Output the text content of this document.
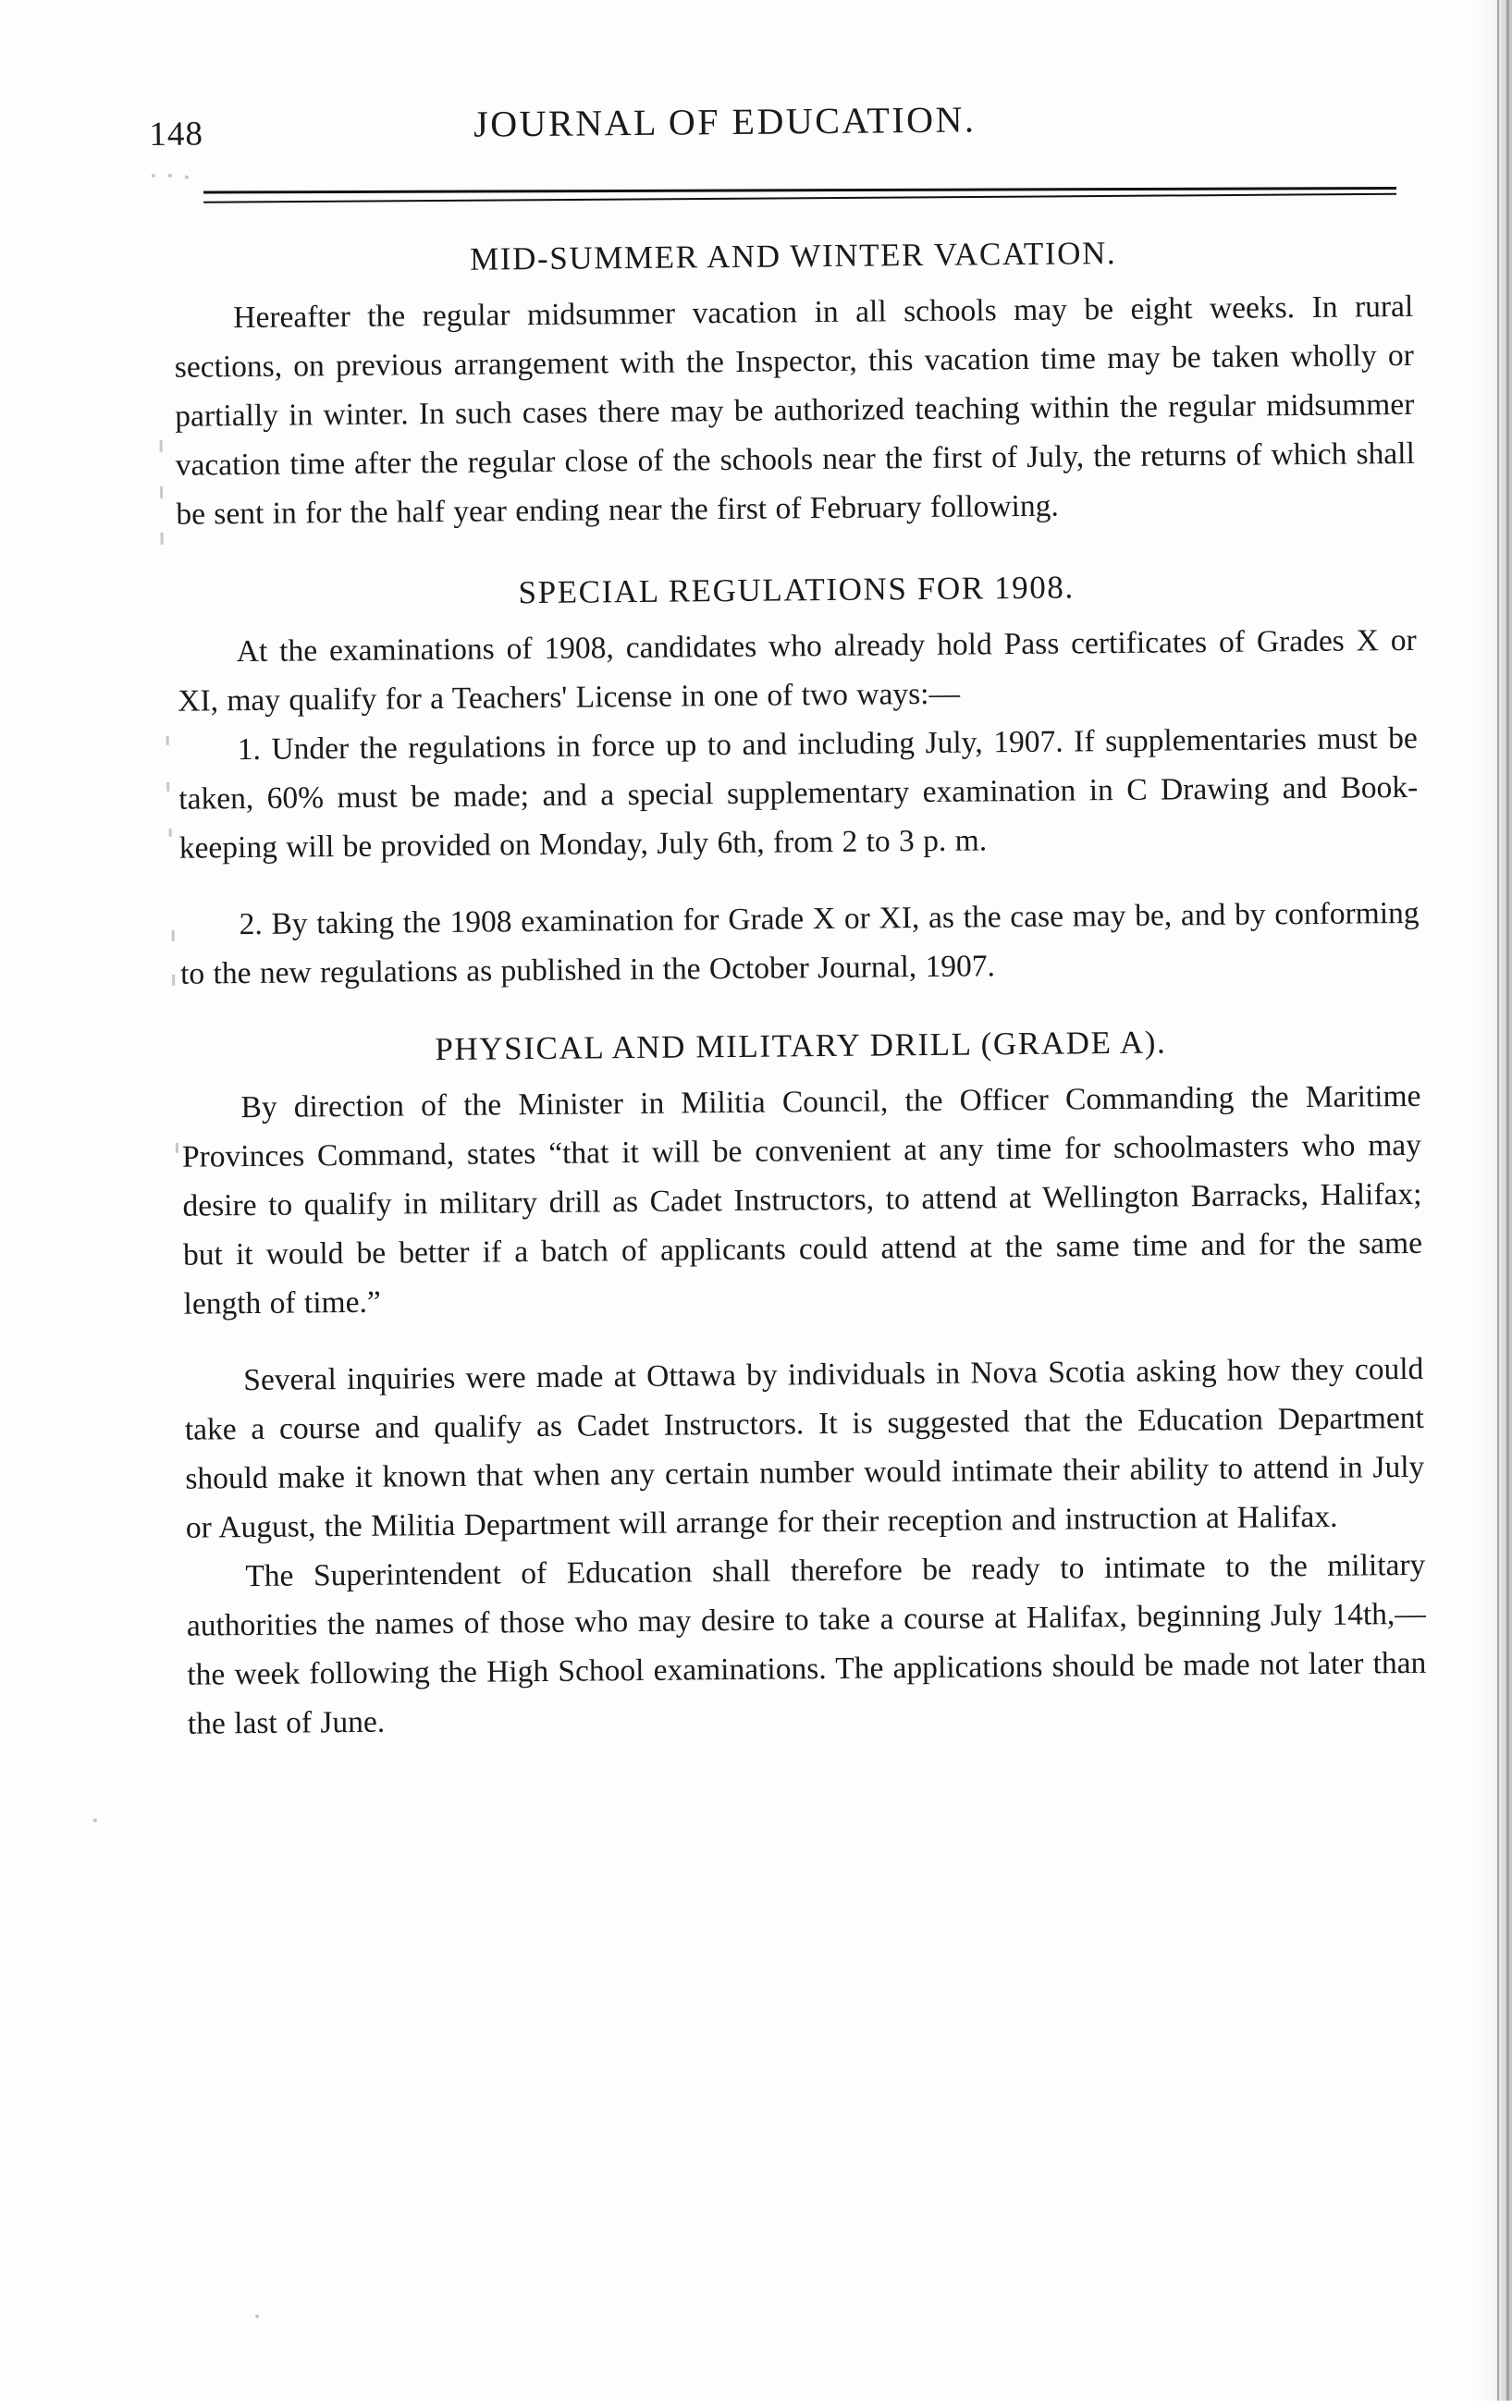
148	JOURNAL OF EDUCATION.
MID-SUMMER AND WINTER VACATION.

Hereafter the regular midsummer vacation in all schools may be eight weeks. In rural sections, on previous arrangement with the Inspector, this vacation time may be taken wholly or partially in winter. In such cases there may be authorized teaching within the regular midsummer vacation time after the regular close of the schools near the first of July, the returns of which shall be sent in for the half year ending near the first of February following.

SPECIAL REGULATIONS FOR 1908.

At the examinations of 1908, candidates who already hold Pass certificates of Grades X or XI, may qualify for a Teachers' License in one of two ways:—

1. Under the regulations in force up to and including July, 1907. If supplementaries must be taken, 60% must be made; and a special supplementary examination in C Drawing and Book-keeping will be provided on Monday, July 6th, from 2 to 3 p. m.

2. By taking the 1908 examination for Grade X or XI, as the case may be, and by conforming to the new regulations as published in the October Journal, 1907.

PHYSICAL AND MILITARY DRILL (GRADE A).

By direction of the Minister in Militia Council, the Officer Commanding the Maritime Provinces Command, states “that it will be convenient at any time for schoolmasters who may desire to qualify in military drill as Cadet Instructors, to attend at Wellington Barracks, Halifax; but it would be better if a batch of applicants could attend at the same time and for the same length of time.”

Several inquiries were made at Ottawa by individuals in Nova Scotia asking how they could take a course and qualify as Cadet Instructors. It is suggested that the Education Department should make it known that when any certain number would intimate their ability to attend in July or August, the Militia Department will arrange for their reception and instruction at Halifax.

The Superintendent of Education shall therefore be ready to intimate to the military authorities the names of those who may desire to take a course at Halifax, beginning July 14th,—the week following the High School examinations. The applications should be made not later than the last of June.
